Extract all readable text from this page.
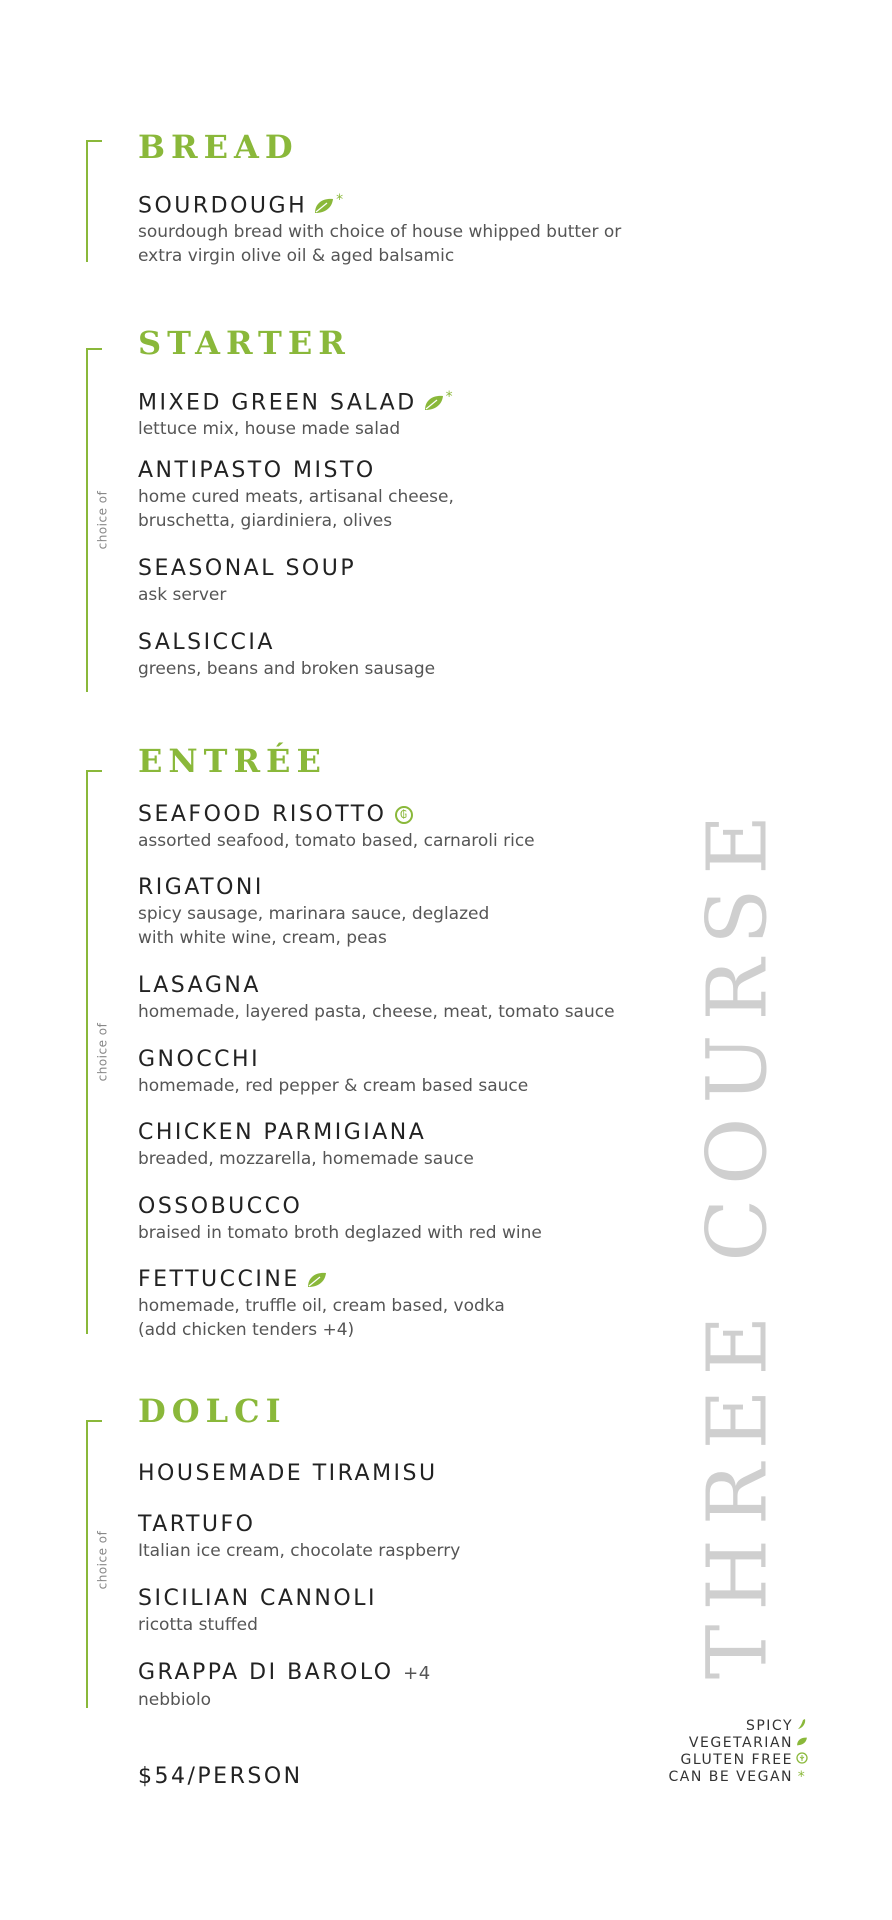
BREAD
SOURDOUGH *
sourdough bread with choice of house whipped butter or
extra virgin olive oil & aged balsamic
choice of
STARTER
MIXED GREEN SALAD *
lettuce mix, house made salad
ANTIPASTO MISTO
home cured meats, artisanal cheese,
bruschetta, giardiniera, olives
SEASONAL SOUP
ask server
SALSICCIA
greens, beans and broken sausage
choice of
ENTRÉE
SEAFOOD RISOTTO ₲
assorted seafood, tomato based, carnaroli rice
RIGATONI
spicy sausage, marinara sauce, deglazed
with white wine, cream, peas
LASAGNA
homemade, layered pasta, cheese, meat, tomato sauce
GNOCCHI
homemade, red pepper & cream based sauce
CHICKEN PARMIGIANA
breaded, mozzarella, homemade sauce
OSSOBUCCO
braised in tomato broth deglazed with red wine
FETTUCCINE
homemade, truffle oil, cream based, vodka
(add chicken tenders +4)
choice of
DOLCI
HOUSEMADE TIRAMISU
TARTUFO
Italian ice cream, chocolate raspberry
SICILIAN CANNOLI
ricotta stuffed
GRAPPA DI BAROLO +4
nebbiolo
THREE COURSE
$54/PERSON
SPICY
VEGETARIAN
GLUTEN FREE
CAN BE VEGAN *
